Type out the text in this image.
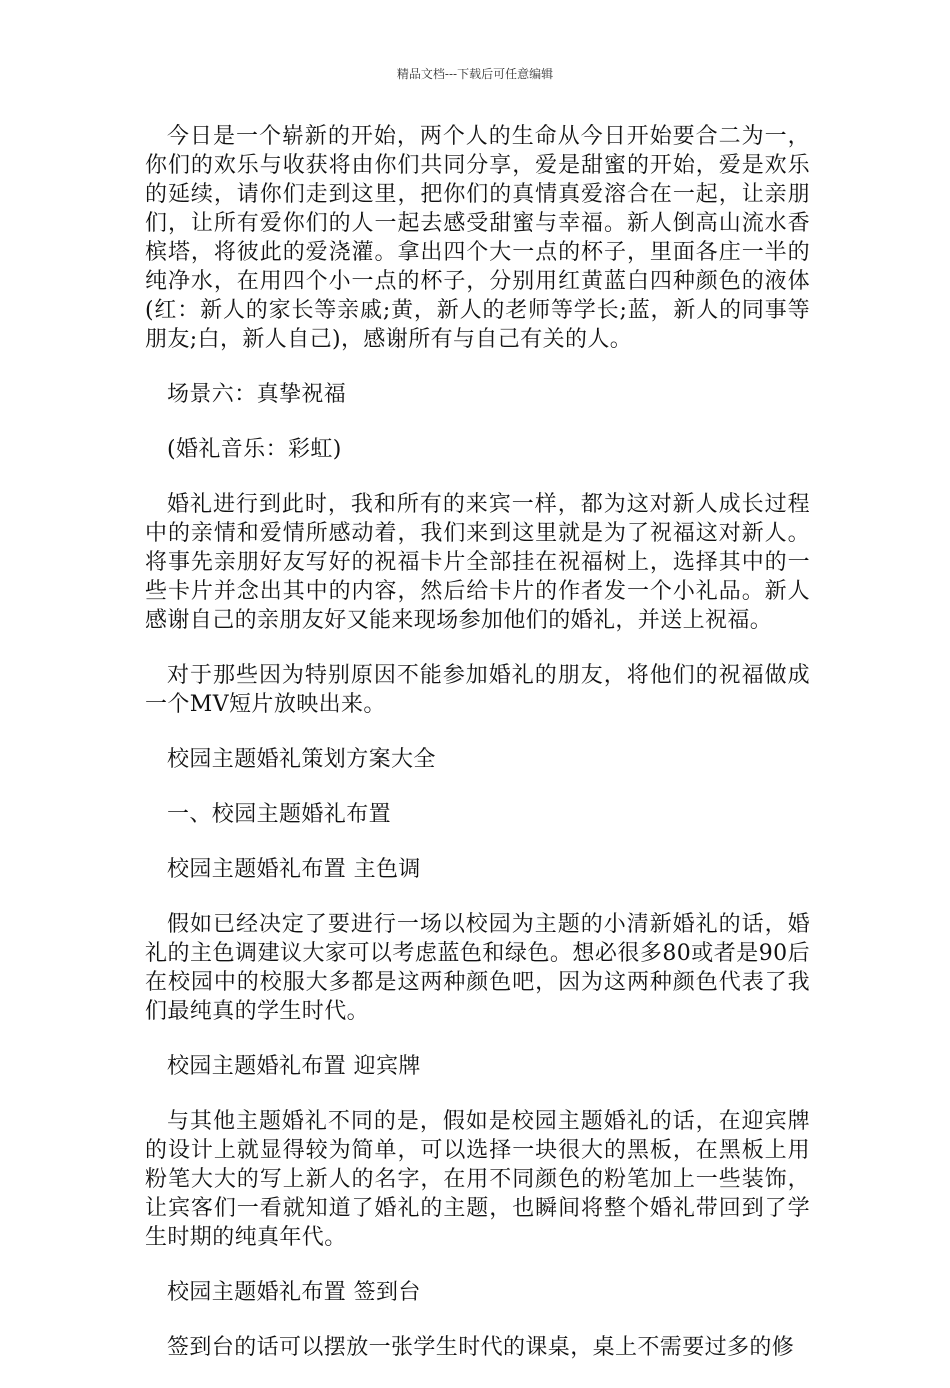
精品文档---下载后可任意编辑

今日是一个崭新的开始，两个人的生命从今日开始要合二为一，你们的欢乐与收获将由你们共同分享，爱是甜蜜的开始，爱是欢乐的延续，请你们走到这里，把你们的真情真爱溶合在一起，让亲朋们，让所有爱你们的人一起去感受甜蜜与幸福。新人倒高山流水香槟塔，将彼此的爱浇灌。拿出四个大一点的杯子，里面各庄一半的纯净水，在用四个小一点的杯子，分别用红黄蓝白四种颜色的液体(红：新人的家长等亲戚;黄，新人的老师等学长;蓝，新人的同事等朋友;白，新人自己)，感谢所有与自己有关的人。

场景六：真挚祝福

(婚礼音乐：彩虹)

婚礼进行到此时，我和所有的来宾一样，都为这对新人成长过程中的亲情和爱情所感动着，我们来到这里就是为了祝福这对新人。将事先亲朋好友写好的祝福卡片全部挂在祝福树上，选择其中的一些卡片并念出其中的内容，然后给卡片的作者发一个小礼品。新人感谢自己的亲朋友好又能来现场参加他们的婚礼，并送上祝福。

对于那些因为特别原因不能参加婚礼的朋友，将他们的祝福做成一个MV短片放映出来。

校园主题婚礼策划方案大全

一、校园主题婚礼布置

校园主题婚礼布置 主色调

假如已经决定了要进行一场以校园为主题的小清新婚礼的话，婚礼的主色调建议大家可以考虑蓝色和绿色。想必很多80或者是90后在校园中的校服大多都是这两种颜色吧，因为这两种颜色代表了我们最纯真的学生时代。

校园主题婚礼布置 迎宾牌

与其他主题婚礼不同的是，假如是校园主题婚礼的话，在迎宾牌的设计上就显得较为简单，可以选择一块很大的黑板，在黑板上用粉笔大大的写上新人的名字，在用不同颜色的粉笔加上一些装饰，让宾客们一看就知道了婚礼的主题，也瞬间将整个婚礼带回到了学生时期的纯真年代。

校园主题婚礼布置 签到台

签到台的话可以摆放一张学生时代的课桌，桌上不需要过多的修
